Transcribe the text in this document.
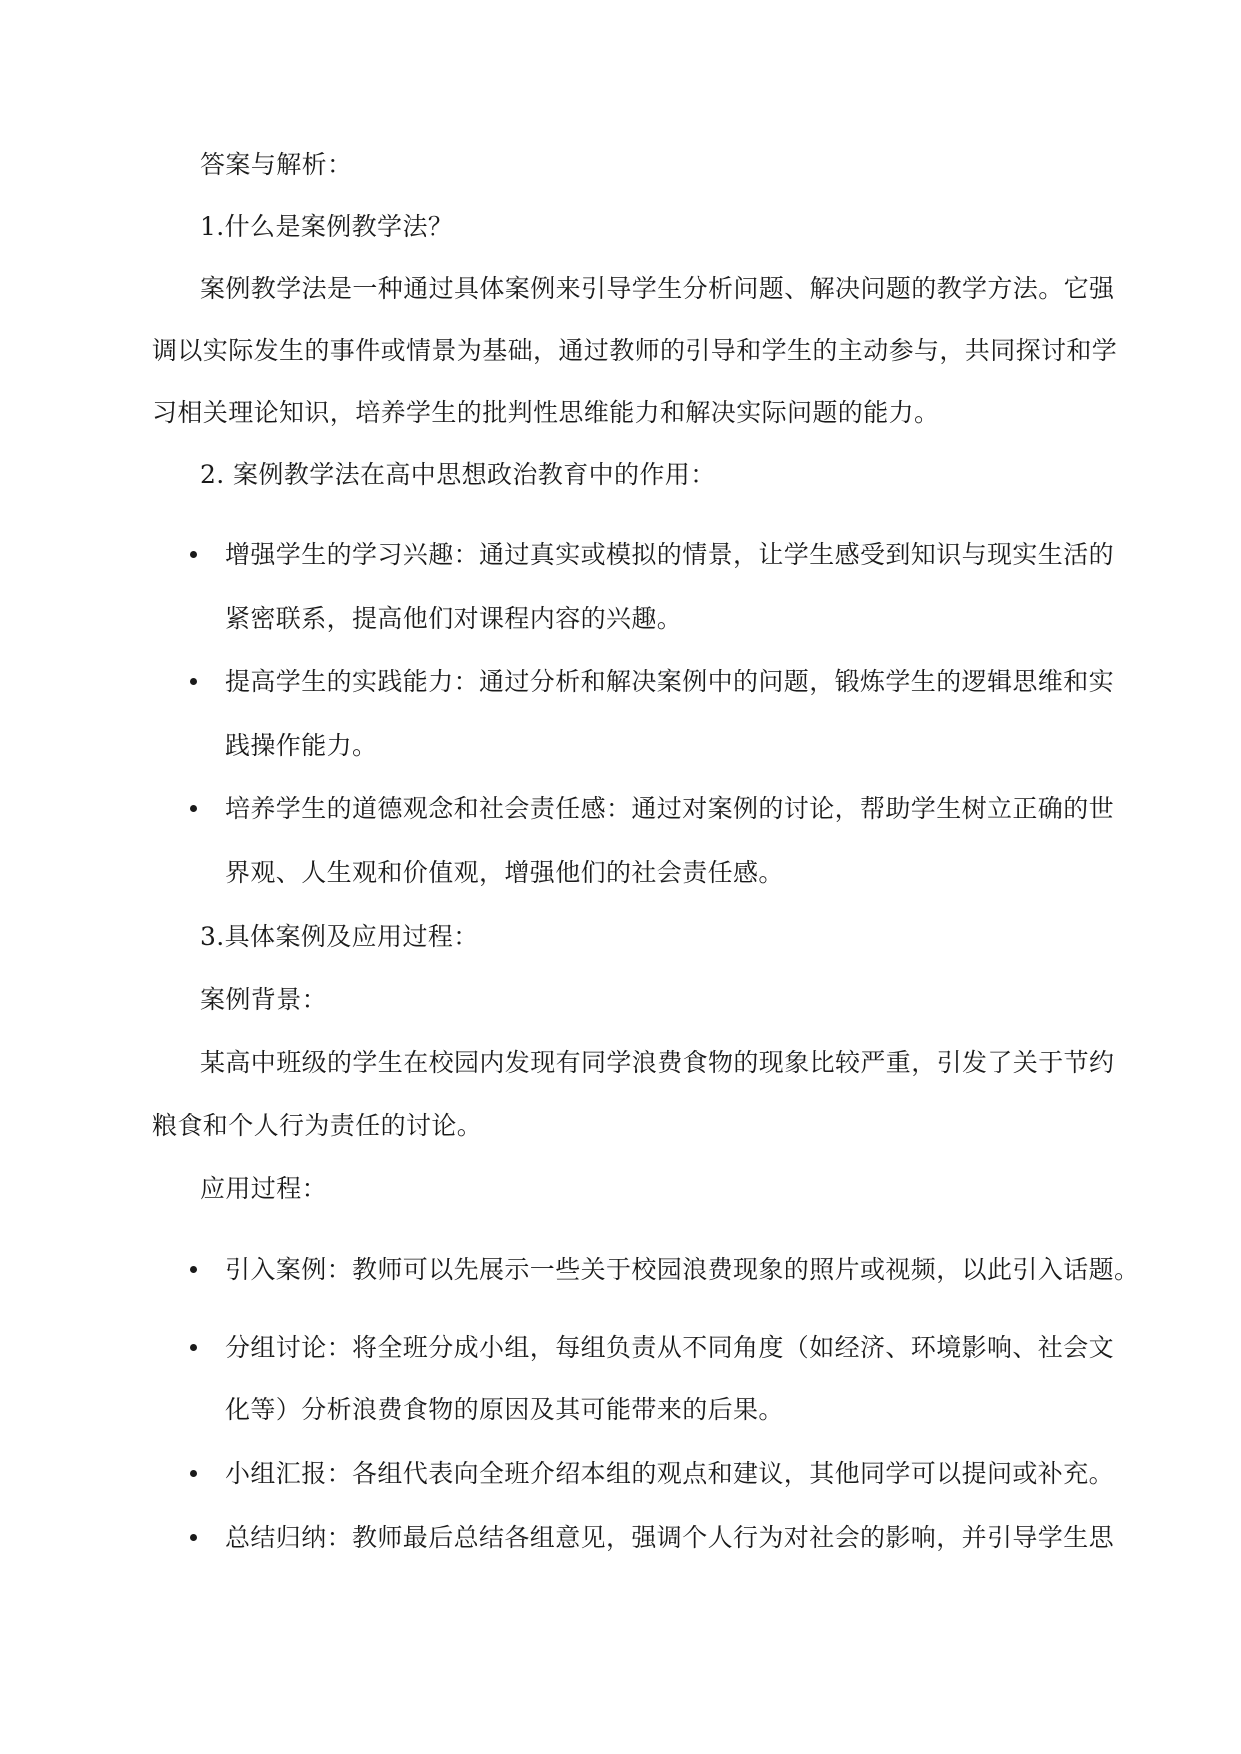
答案与解析：
1.什么是案例教学法？
案例教学法是一种通过具体案例来引导学生分析问题、解决问题的教学方法。它强
调以实际发生的事件或情景为基础，通过教师的引导和学生的主动参与，共同探讨和学
习相关理论知识，培养学生的批判性思维能力和解决实际问题的能力。
2. 案例教学法在高中思想政治教育中的作用：
增强学生的学习兴趣：通过真实或模拟的情景，让学生感受到知识与现实生活的
紧密联系，提高他们对课程内容的兴趣。
提高学生的实践能力：通过分析和解决案例中的问题，锻炼学生的逻辑思维和实
践操作能力。
培养学生的道德观念和社会责任感：通过对案例的讨论，帮助学生树立正确的世
界观、人生观和价值观，增强他们的社会责任感。
3.具体案例及应用过程：
案例背景：
某高中班级的学生在校园内发现有同学浪费食物的现象比较严重，引发了关于节约
粮食和个人行为责任的讨论。
应用过程：
引入案例：教师可以先展示一些关于校园浪费现象的照片或视频，以此引入话题。
分组讨论：将全班分成小组，每组负责从不同角度（如经济、环境影响、社会文
化等）分析浪费食物的原因及其可能带来的后果。
小组汇报：各组代表向全班介绍本组的观点和建议，其他同学可以提问或补充。
总结归纳：教师最后总结各组意见，强调个人行为对社会的影响，并引导学生思
